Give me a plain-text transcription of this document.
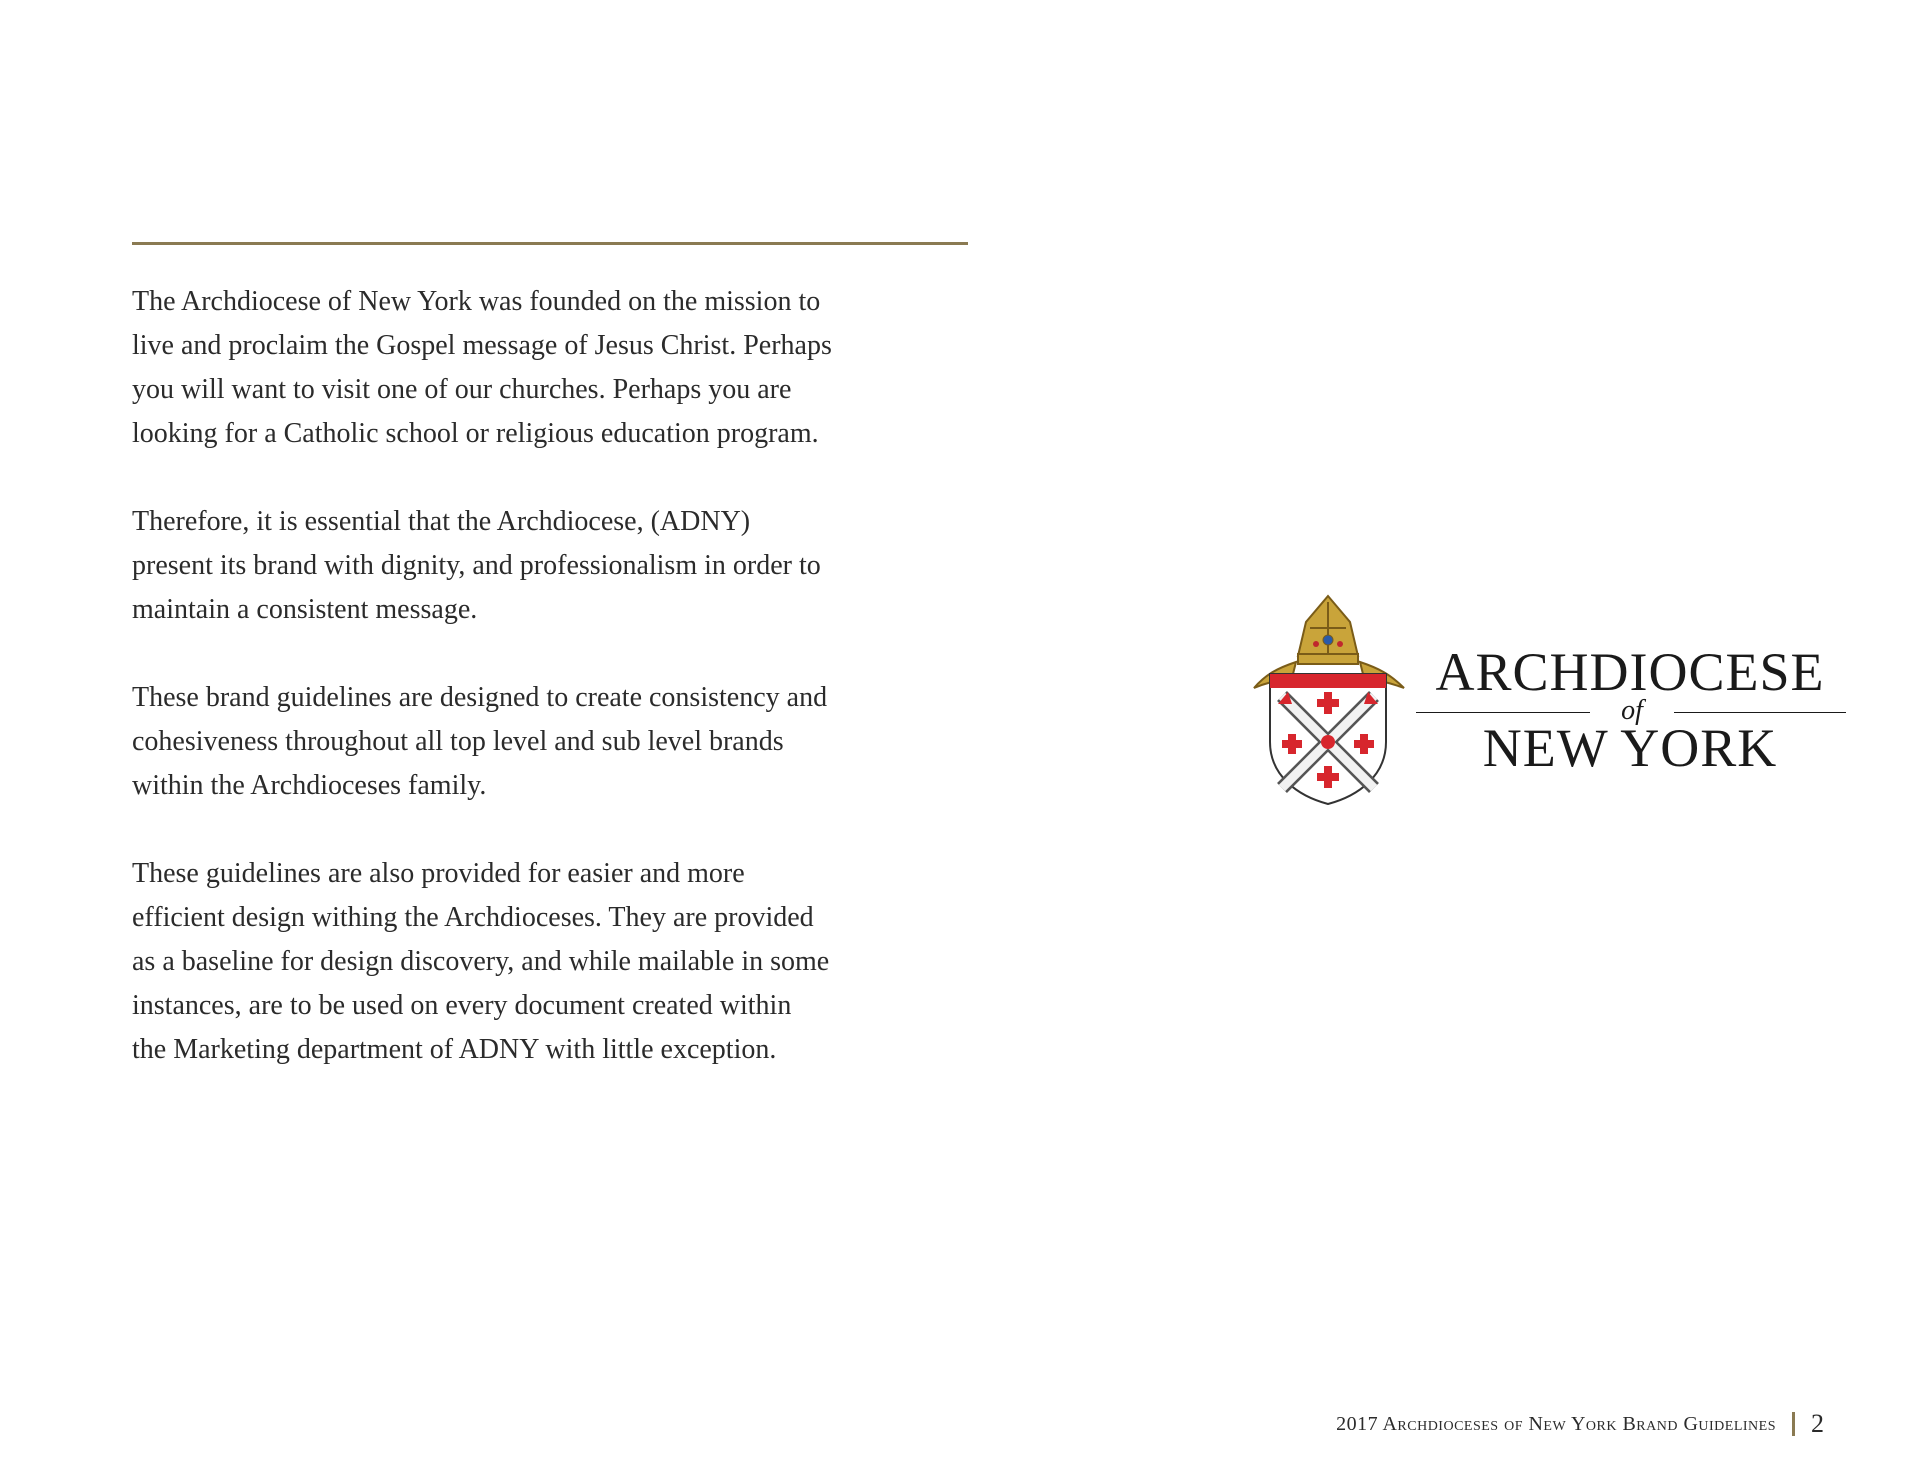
The Archdiocese of New York was founded on the mission to
live and proclaim the Gospel message of Jesus Christ. Perhaps
you will want to visit one of our churches. Perhaps you are
looking for a Catholic school or religious education program.

Therefore, it is essential that the Archdiocese, (ADNY)
present its brand with dignity, and professionalism in order to
maintain a consistent message.

These brand guidelines are designed to create consistency and
cohesiveness throughout all top level and sub level brands
within the Archdioceses family.

These guidelines are also provided for easier and more
efficient design withing the Archdioceses. They are provided
as a baseline for design discovery, and while mailable in some
instances, are to be used on every document created within
the Marketing department of ADNY with little exception.

ARCHDIOCESE
of
NEW YORK
2017 Archdioceses of New York Brand Guidelines 2
